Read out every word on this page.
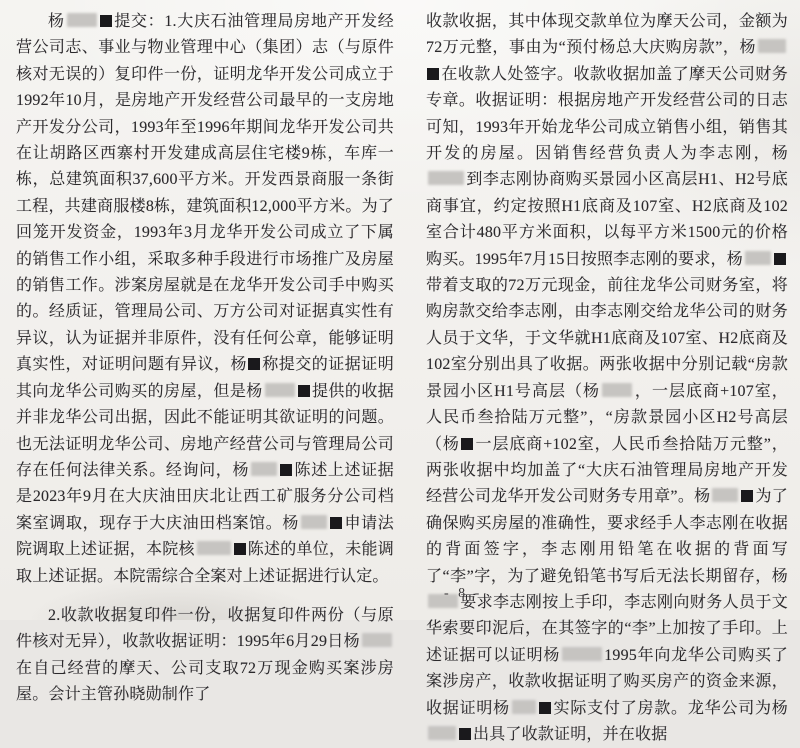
杨	提交：1.大庆石油管理局房地产开发经营公司志、事业与物业管理中心（集团）志（与原件核对无误的）复印件一份，证明龙华开发公司成立于1992年10月，是房地产开发经营公司最早的一支房地产开发分公司，1993年至1996年期间龙华开发公司共在让胡路区西寨村开发建成高层住宅楼9栋，车库一栋，总建筑面积37,600平方米。开发西景商服一条街工程，共建商服楼8栋，建筑面积12,000平方米。为了回笼开发资金，1993年3月龙华开发公司成立了下属的销售工作小组，采取多种手段进行市场推广及房屋的销售工作。涉案房屋就是在龙华开发公司手中购买的。经质证，管理局公司、万方公司对证据真实性有异议，认为证据并非原件，没有任何公章，能够证明真实性，对证明问题有异议，杨 称提交的证据证明其向龙华公司购买的房屋，但是杨	提供的收据并非龙华公司出据，因此不能证明其欲证明的问题。也无法证明龙华公司、房地产经营公司与管理局公司存在任何法律关系。经询问，杨	陈述上述证据是2023年9月在大庆油田庆北让西工矿服务分公司档案室调取，现存于大庆油田档案馆。杨	申请法院调取上述证据，本院核	陈述的单位，未能调取上述证据。本院需综合全案对上述证据进行认定。

2.收款收据复印件一份，收据复印件两份（与原件核对无异），收款收据证明：1995年6月29日杨在自己经营的摩天、公司支取72万现金购买案涉房屋。会计主管孙晓勋制作了

收款收据，其中体现交款单位为摩天公司，金额为72万元整，事由为“预付杨总大庆购房款”，杨在收款人处签字。收款收据加盖了摩天公司财务专章。收据证明：根据房地产开发经营公司的日志可知，1993年开始龙华公司成立销售小组，销售其开发的房屋。因销售经营负责人为李志刚，杨到李志刚协商购买景园小区高层H1、H2号底商事宜，约定按照H1底商及107室、H2底商及102室合计480平方米面积，以每平方米1500元的价格购买。1995年7月15日按照李志刚的要求，杨带着支取的72万元现金，前往龙华公司财务室，将购房款交给李志刚，由李志刚交给龙华公司的财务人员于文华，于文华就H1底商及107室、H2底商及102室分别出具了收据。两张收据中分别记载“房款景园小区H1号高层（杨 ，一层底商+107室，人民币叁拾陆万元整”，“房款景园小区H2号高层（杨 一层底商+102室，人民币叁拾陆万元整”，两张收据中均加盖了“大庆石油管理局房地产开发经营公司龙华开发公司财务专用章”。杨	为了确保购买房屋的准确性，要求经手人李志刚在收据的背面签字，李志刚用铅笔在收据的背面写了“李”字，为了避免铅笔书写后无法长期留存，杨要求李志刚按上手印，李志刚向财务人员于文华索要印泥后，在其签字的“李”上加按了手印。上述证据可以证明杨	1995年向龙华公司购买了案涉房产，收款收据证明了购买房产的资金来源，收据证明杨	实际支付了房款。龙华公司为杨出具了收款证明，并在收据

- 8 -
